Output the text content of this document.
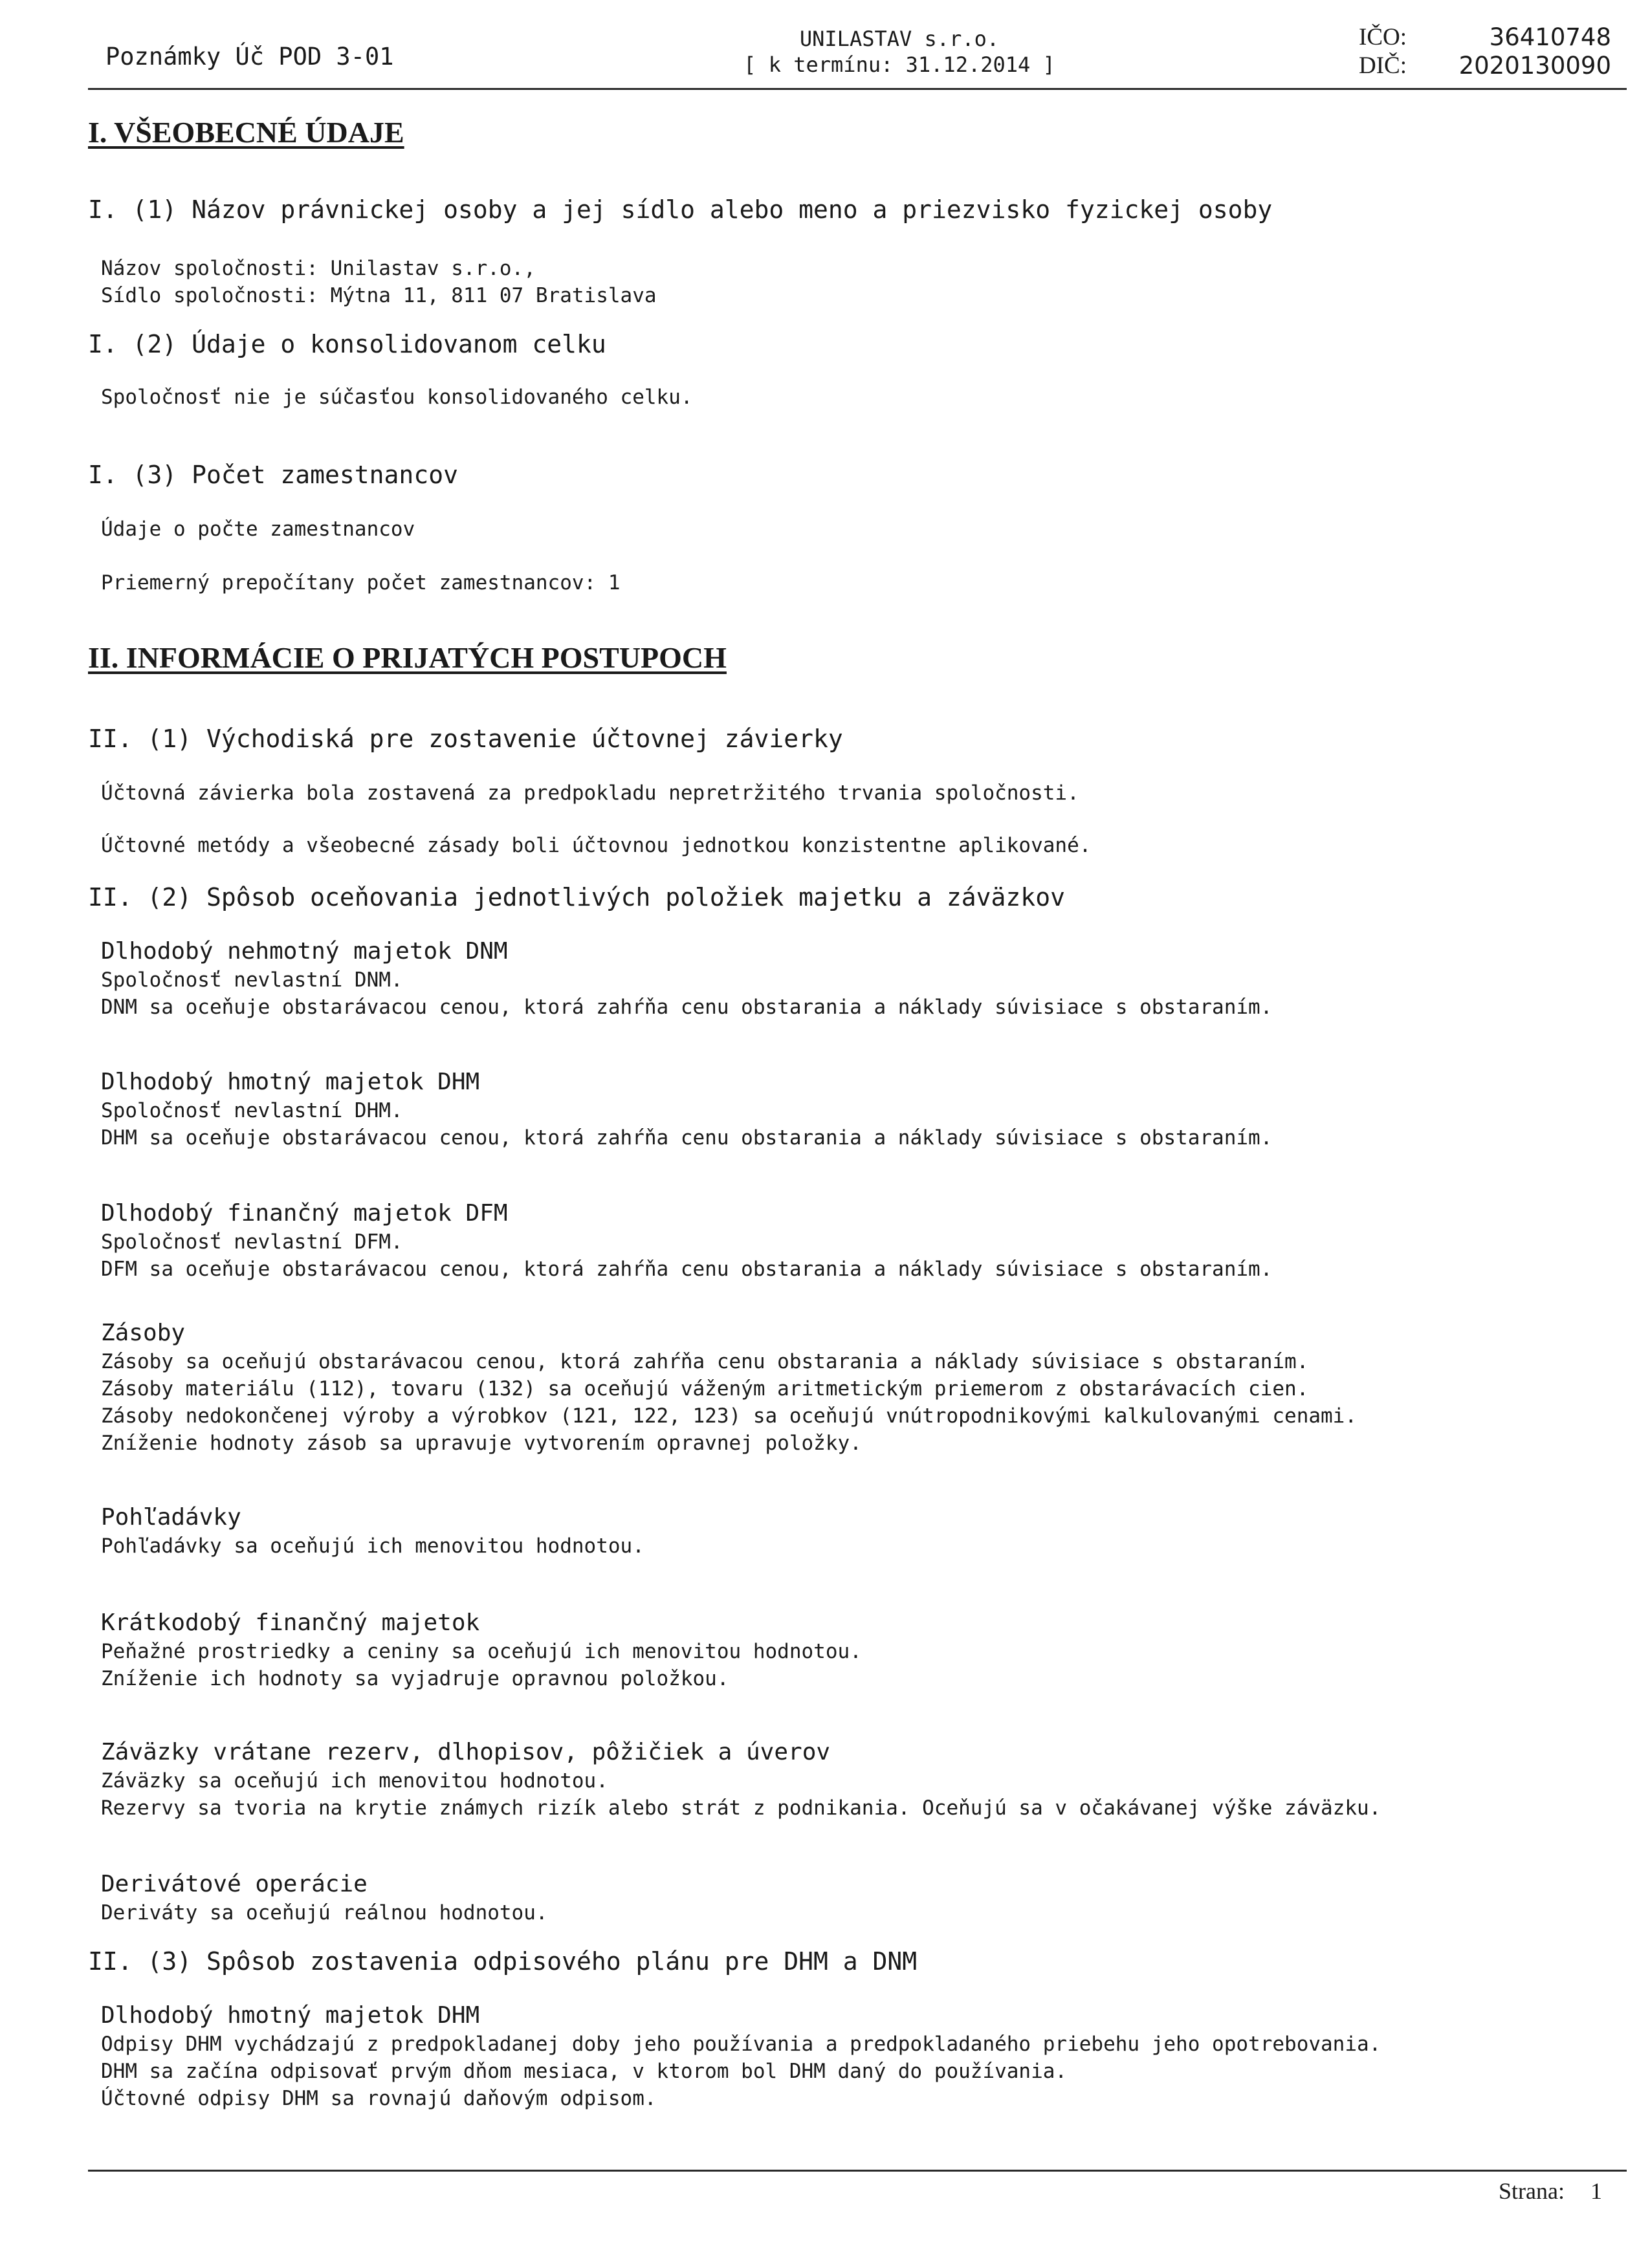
Poznámky Úč POD 3-01
UNILASTAV s.r.o.
[ k termínu: 31.12.2014 ]
IČO:	36410748
DIČ: 2020130090
I. VŠEOBECNÉ ÚDAJE
I. (1) Názov právnickej osoby a jej sídlo alebo meno a priezvisko fyzickej osoby
Názov spoločnosti: Unilastav s.r.o.,
Sídlo spoločnosti: Mýtna 11, 811 07 Bratislava
I. (2) Údaje o konsolidovanom celku
Spoločnosť nie je súčasťou konsolidovaného celku.
I. (3) Počet zamestnancov
Údaje o počte zamestnancov
Priemerný prepočítany počet zamestnancov: 1
II. INFORMÁCIE O PRIJATÝCH POSTUPOCH
II. (1) Východiská pre zostavenie účtovnej závierky
Účtovná závierka bola zostavená za predpokladu nepretržitého trvania spoločnosti.
Účtovné metódy a všeobecné zásady boli účtovnou jednotkou konzistentne aplikované.
II. (2) Spôsob oceňovania jednotlivých položiek majetku a záväzkov
Dlhodobý nehmotný majetok DNM
Spoločnosť nevlastní DNM.
DNM sa oceňuje obstarávacou cenou, ktorá zahŕňa cenu obstarania a náklady súvisiace s obstaraním.
Dlhodobý hmotný majetok DHM
Spoločnosť nevlastní DHM.
DHM sa oceňuje obstarávacou cenou, ktorá zahŕňa cenu obstarania a náklady súvisiace s obstaraním.
Dlhodobý finančný majetok DFM
Spoločnosť nevlastní DFM.
DFM sa oceňuje obstarávacou cenou, ktorá zahŕňa cenu obstarania a náklady súvisiace s obstaraním.
Zásoby
Zásoby sa oceňujú obstarávacou cenou, ktorá zahŕňa cenu obstarania a náklady súvisiace s obstaraním.
Zásoby materiálu (112), tovaru (132) sa oceňujú váženým aritmetickým priemerom z obstarávacích cien.
Zásoby nedokončenej výroby a výrobkov (121, 122, 123) sa oceňujú vnútropodnikovými kalkulovanými cenami.
Zníženie hodnoty zásob sa upravuje vytvorením opravnej položky.
Pohľadávky
Pohľadávky sa oceňujú ich menovitou hodnotou.
Krátkodobý finančný majetok
Peňažné prostriedky a ceniny sa oceňujú ich menovitou hodnotou.
Zníženie ich hodnoty sa vyjadruje opravnou položkou.
Záväzky vrátane rezerv, dlhopisov, pôžičiek a úverov
Záväzky sa oceňujú ich menovitou hodnotou.
Rezervy sa tvoria na krytie známych rizík alebo strát z podnikania. Oceňujú sa v očakávanej výške záväzku.
Derivátové operácie
Deriváty sa oceňujú reálnou hodnotou.
II. (3) Spôsob zostavenia odpisového plánu pre DHM a DNM
Dlhodobý hmotný majetok DHM
Odpisy DHM vychádzajú z predpokladanej doby jeho používania a predpokladaného priebehu jeho opotrebovania.
DHM sa začína odpisovať prvým dňom mesiaca, v ktorom bol DHM daný do používania.
Účtovné odpisy DHM sa rovnajú daňovým odpisom.
Strana: 1
